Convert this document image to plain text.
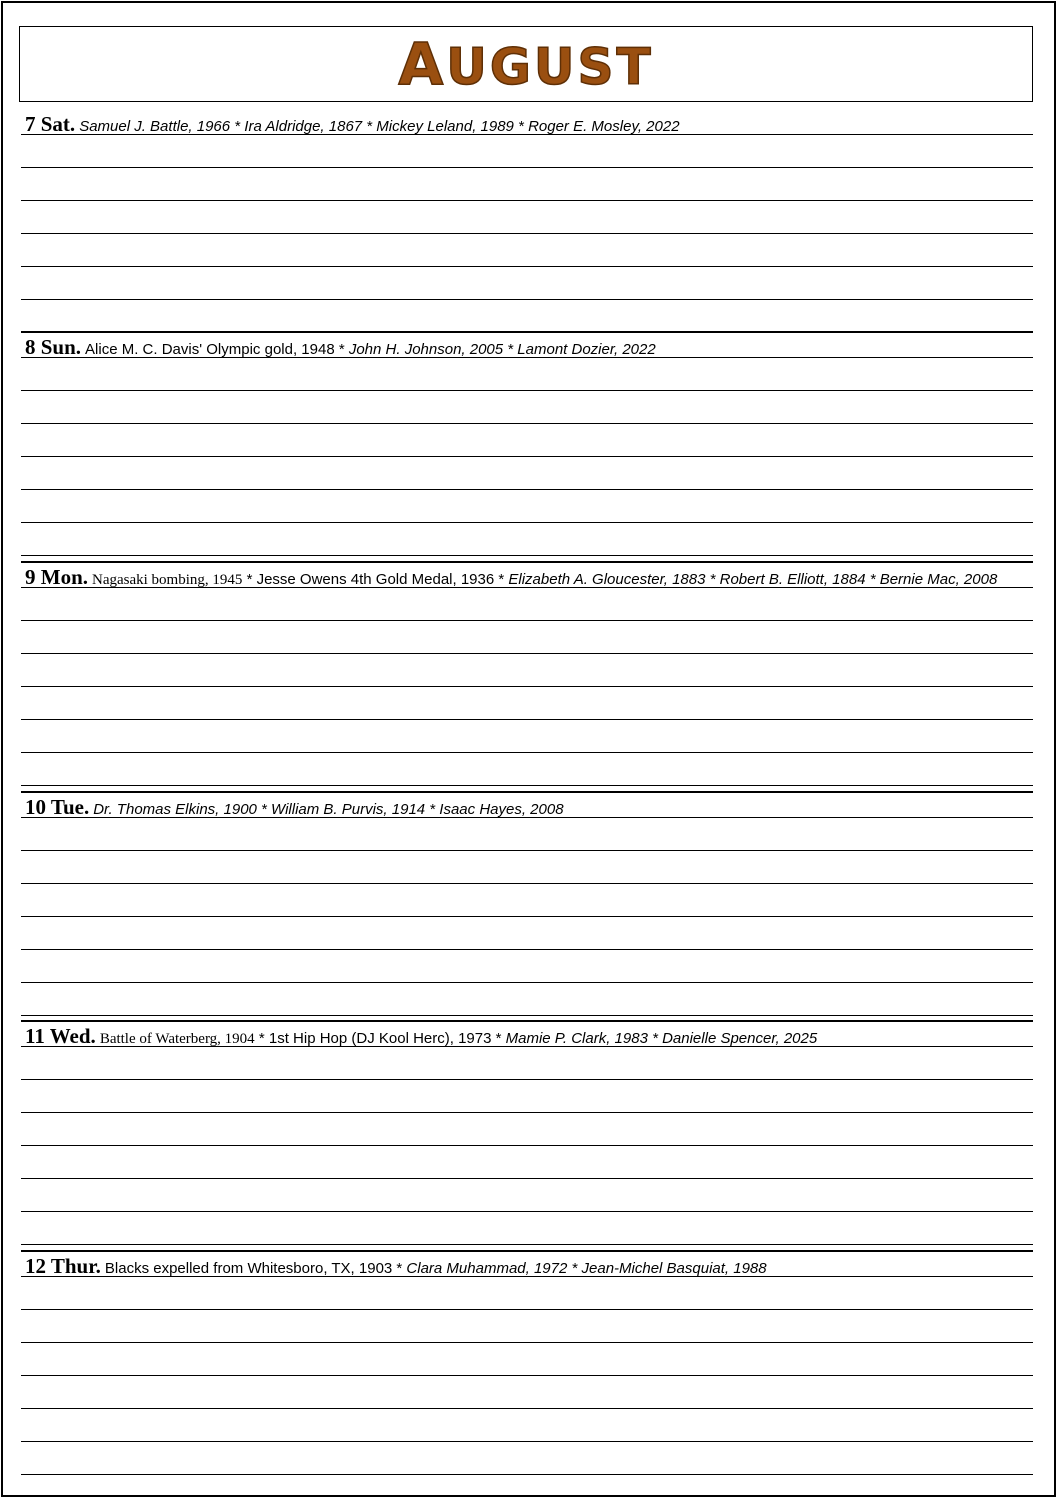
AUGUST

7 Sat. Samuel J. Battle, 1966 * Ira Aldridge, 1867 * Mickey Leland, 1989 * Roger E. Mosley, 2022

8 Sun. Alice M. C. Davis' Olympic gold, 1948 * John H. Johnson, 2005 * Lamont Dozier, 2022

9 Mon. Nagasaki bombing, 1945 * Jesse Owens 4th Gold Medal, 1936 * Elizabeth A. Gloucester, 1883 * Robert B. Elliott, 1884 * Bernie Mac, 2008

10 Tue. Dr. Thomas Elkins, 1900 * William B. Purvis, 1914 * Isaac Hayes, 2008

11 Wed. Battle of Waterberg, 1904 * 1st Hip Hop (DJ Kool Herc), 1973 * Mamie P. Clark, 1983 * Danielle Spencer, 2025

12 Thur. Blacks expelled from Whitesboro, TX, 1903 * Clara Muhammad, 1972 * Jean-Michel Basquiat, 1988
